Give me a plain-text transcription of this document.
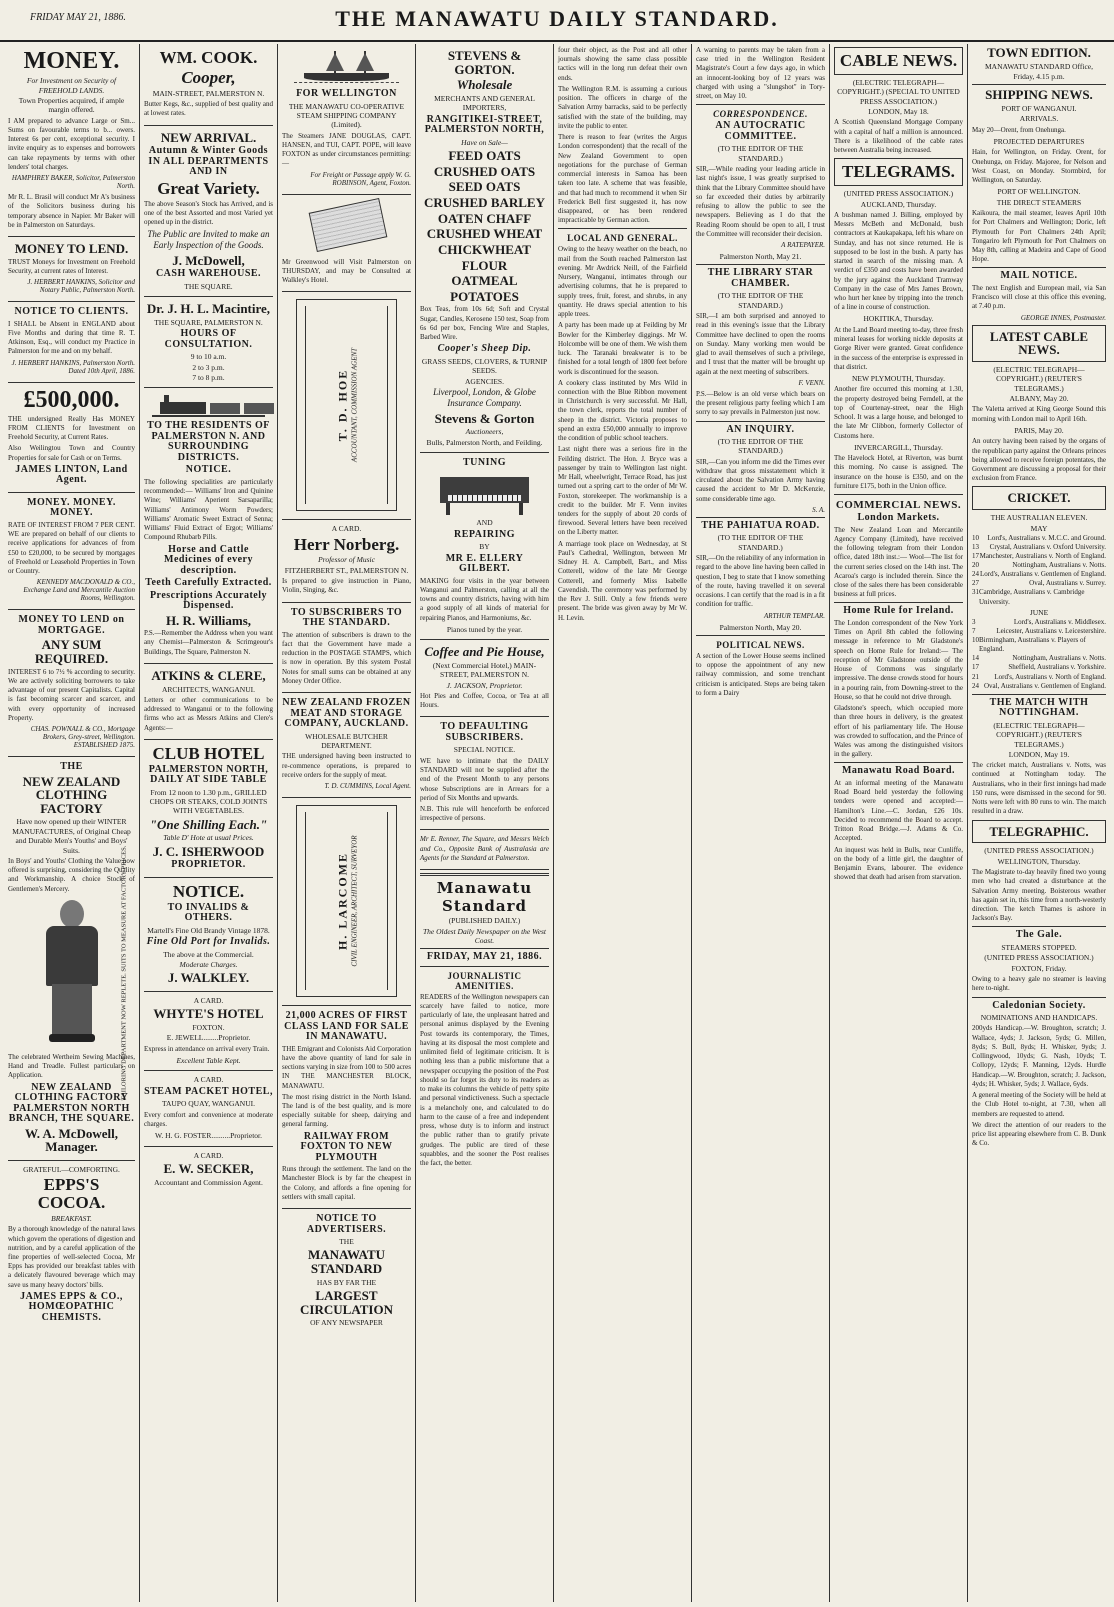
FRIDAY MAY 21, 1886.	THE MANAWATU DAILY STANDARD.
MONEY.
For Investment on Security of FREEHOLD LANDS.
Town Properties acquired, if ample margin offered.
I AM prepared to advance Large or Sm... Sums on favourable terms to b... owers. Interest 6s per cent, exceptional security. I invite enquiry as to expenses and borrowers can take repayments by terms with other lenders' total charges.
HAMPHREY BAKER, Solicitor, Palmerston North.
Mr R. L. Brasil will conduct Mr A's business of the Solicitors business during his temporary absence in Napier. Mr Baker will be in Palmerston on Saturdays.
MONEY TO LEND.
TRUST Moneys for Investment on Freehold Security, at current rates of Interest.
J. HERBERT HANKINS, Solicitor and Notary Public, Palmerston North.
NOTICE TO CLIENTS.
I SHALL be Absent in ENGLAND about Five Months and during that time R. T. Atkinson, Esq., will conduct my Practice in Palmerston for me and on my behalf.
J. HERBERT HANKINS, Palmerston North. Dated 10th April, 1886.
£500,000.
THE undersigned Really Has MONEY FROM CLIENTS for Investment on Freehold Security, at Current Rates.
Also Weilingtou Town and Country Properties for sale for Cash or on Terms.
JAMES LINTON, Land Agent.
MONEY. MONEY. MONEY.
RATE OF INTEREST FROM 7 PER CENT. WE are prepared on behalf of our clients to receive applications for advances of from £50 to £20,000, to be secured by mortgages of Freehold or Leasehold Properties in Town or Country.
KENNEDY MACDONALD & CO., Exchange Land and Mercantile Auction Rooms, Wellington.
MONEY TO LEND on MORTGAGE.
ANY SUM REQUIRED.
INTEREST 6 to 7½ % according to security. We are actively soliciting borrowers to take advantage of our present Capitalists. Capital is fast becoming scarcer and scarcer, and with every opportunity of increased Property.
CHAS. POWNALL & CO., Mortgage Brokers, Grey-street, Wellington. ESTABLISHED 1875.
THE
NEW ZEALAND CLOTHING FACTORY
Have now opened up their WINTER MANUFACTURES, of Original Cheap and Durable Men's Youths' and Boys' Suits.
In Boys' and Youths' Clothing the Value now offered is surprising, considering the Quality and Workmanship. A choice Stock of Gentlemen's Mercery.	TAILORING DEPARTMENT NOW REPLETE. SUITS TO MEASURE AT FACTORY PRICES.
The celebrated Wertheim Sewing Machines, Hand and Treadle. Fullest particulars on Application.
NEW ZEALAND CLOTHING FACTORY PALMERSTON NORTH BRANCH, THE SQUARE.
W. A. McDowell, Manager.
GRATEFUL—COMFORTING.
EPPS'S COCOA.
BREAKFAST.
By a thorough knowledge of the natural laws which govern the operations of digestion and nutrition, and by a careful application of the fine properties of well-selected Cocoa, Mr Epps has provided our breakfast tables with a delicately flavoured beverage which may save us many heavy doctors' bills.
JAMES EPPS & CO., HOMŒOPATHIC CHEMISTS.
WM. COOK.
Cooper,
MAIN-STREET, PALMERSTON N.
Butter Kegs, &c., supplied of best quality and at lowest rates.
NEW ARRIVAL.
Autumn & Winter Goods IN ALL DEPARTMENTS AND IN
Great Variety.
The above Season's Stock has Arrived, and is one of the best Assorted and most Varied yet opened up in the district.
The Public are Invited to make an Early Inspection of the Goods.
J. McDowell,
CASH WAREHOUSE.
THE SQUARE.
Dr. J. H. L. Macintire,
THE SQUARE, PALMERSTON N.
HOURS OF CONSULTATION.
9 to 10 a.m.
2 to 3 p.m.
7 to 8 p.m.
TO THE RESIDENTS OF PALMERSTON N. AND SURROUNDING DISTRICTS.
NOTICE.
The following specialities are particularly recommended:— Williams' Iron and Quinine Wine; Williams' Aperient Sarsaparilla; Williams' Antimony Worm Powders; Williams' Aromatic Sweet Extract of Senna; Williams' Fluid Extract of Ergot; Williams' Compound Rhubarb Pills.
Horse and Cattle Medicines of every description.
Teeth Carefully Extracted.
Prescriptions Accurately Dispensed.
H. R. Williams,
P.S.—Remember the Address when you want any Chemist—Palmerston & Scrimgeour's Buildings, The Square, Palmerston N.
ATKINS & CLERE,
ARCHITECTS, WANGANUI.
Letters or other communications to be addressed to Wanganui or to the following firms who act as Messrs Atkins and Clere's Agents:—
CLUB HOTEL
PALMERSTON NORTH, DAILY AT SIDE TABLE
From 12 noon to 1.30 p.m., GRILLED CHOPS OR STEAKS, COLD JOINTS WITH VEGETABLES.
"One Shilling Each."
Table D' Hote at usual Prices.
J. C. ISHERWOOD
PROPRIETOR.
NOTICE.
TO INVALIDS & OTHERS.
Martell's Fine Old Brandy Vintage 1878.
Fine Old Port for Invalids.
The above at the Commercial.
Moderate Charges.
J. WALKLEY.
A CARD.
WHYTE'S HOTEL
FOXTON.
E. JEWELL........Proprietor.
Express in attendance on arrival every Train.
Excellent Table Kept.
A CARD.
STEAM PACKET HOTEL,
TAUPO QUAY, WANGANUI.
Every comfort and convenience at moderate charges.
W. H. G. FOSTER..........Proprietor.
A CARD.
E. W. SECKER,
Accountant and Commission Agent.
FOR WELLINGTON
THE MANAWATU CO-OPERATIVE STEAM SHIPPING COMPANY (Limited).
The Steamers JANE DOUGLAS, CAPT. HANSEN, and TUI, CAPT. POPE, will leave FOXTON as under circumstances permitting:—
For Freight or Passage apply W. G. ROBINSON, Agent, Foxton.
Mr Greenwood will Visit Palmerston on THURSDAY, and may be Consulted at Walkley's Hotel.
T. D. HOE ACCOUNTANT, COMMISSION AGENT
A CARD.
Herr Norberg.
Professor of Music
FITZHERBERT ST., PALMERSTON N.
Is prepared to give instruction in Piano, Violin, Singing, &c.
TO SUBSCRIBERS TO THE STANDARD.
The attention of subscribers is drawn to the fact that the Government have made a reduction in the POSTAGE STAMPS, which is now in operation. By this system Postal Notes for small sums can be obtained at any Money Order Office.
NEW ZEALAND FROZEN MEAT AND STORAGE COMPANY, AUCKLAND.
WHOLESALE BUTCHER DEPARTMENT.
THE undersigned having been instructed to re-commence operations, is prepared to receive orders for the supply of meat.
T. D. CUMMINS, Local Agent.
H. LARCOME CIVIL ENGINEER, ARCHITECT, SURVEYOR
21,000 ACRES OF FIRST CLASS LAND FOR SALE IN MANAWATU.
THE Emigrant and Colonists Aid Corporation have the above quantity of land for sale in sections varying in size from 100 to 500 acres IN THE MANCHESTER BLOCK, MANAWATU.
The most rising district in the North Island. The land is of the best quality, and is more especially suitable for sheep, dairying and general farming.
RAILWAY FROM FOXTON TO NEW PLYMOUTH
Runs through the settlement. The land on the Manchester Block is by far the cheapest in the Colony, and affords a fine opening for settlers with small capital.
NOTICE TO ADVERTISERS.
THE
MANAWATU STANDARD
HAS BY FAR THE
LARGEST CIRCULATION
OF ANY NEWSPAPER
STEVENS & GORTON.
Wholesale
MERCHANTS AND GENERAL IMPORTERS,
RANGITIKEI-STREET, PALMERSTON NORTH,
Have on Sale—
FEED OATS
CRUSHED OATS
SEED OATS
CRUSHED BARLEY
OATEN CHAFF
CRUSHED WHEAT
CHICKWHEAT
FLOUR
OATMEAL
POTATOES
Box Teas, from 10s 6d; Soft and Crystal Sugar, Candles, Kerosene 150 test, Soap from 6s 6d per box, Fencing Wire and Staples, Barbed Wire.
Cooper's Sheep Dip.
GRASS SEEDS, CLOVERS, & TURNIP SEEDS.
AGENCIES.
Liverpool, London, & Globe Insurance Company.
Stevens & Gorton
Auctioneers,
Bulls, Palmerston North, and Feilding.
TUNING
AND
REPAIRING
BY
MR E. ELLERY GILBERT.
MAKING four visits in the year between Wanganui and Palmerston, calling at all the towns and country districts, having with him a good supply of all kinds of material for repairing Pianos, and Harmoniums, &c.
Pianos tuned by the year.
Coffee and Pie House,
(Next Commercial Hotel,) MAIN-STREET, PALMERSTON N.
J. JACKSON, Proprietor.
Hot Pies and Coffee, Cocoa, or Tea at all Hours.
TO DEFAULTING SUBSCRIBERS.
SPECIAL NOTICE.
WE have to intimate that the DAILY STANDARD will not be supplied after the end of the Present Month to any persons whose Subscriptions are in Arrears for a period of Six Months and upwards.
N.B. This rule will henceforth be enforced irrespective of persons.
Mr E. Renner, The Square, and Messrs Welch and Co., Opposite Bank of Australasia are Agents for the Standard at Palmerston.
Manawatu Standard
(PUBLISHED DAILY.)
The Oldest Daily Newspaper on the West Coast.
FRIDAY, MAY 21, 1886.
JOURNALISTIC AMENITIES.
READERS of the Wellington newspapers can scarcely have failed to notice, more particularly of late, the unpleasant hatred and personal animus displayed by the Evening Post towards its contemporary, the Times, having at its disposal the most complete and unlimited field of legitimate criticism. It is nothing less than a public misfortune that a newspaper occupying the position of the Post should so far forget its duty to its readers as to make its columns the vehicle of petty spite and personal vindictiveness. Such a spectacle is a melancholy one, and calculated to do harm to the cause of a free and independent press, whose duty is to inform and instruct the public rather than to gratify private grudges. The public are tired of these squabbles, and the sooner the Post realises the fact, the better.
four their object, as the Post and all other journals showing the same class possible tactics will in the long run defeat their own ends.
The Wellington R.M. is assuming a curious position. The officers in charge of the Salvation Army barracks, said to be perfectly satisfied with the state of the building, may invite the public to enter.
There is reason to fear (writes the Argus London correspondent) that the recall of the New Zealand Government to open negotiations for the purchase of German commercial interests in Samoa has been taken too late. A scheme that was feasible, and that had much to recommend it when Sir Frederick Bell first suggested it, has now disappeared, or has been rendered impracticable by German action.
LOCAL AND GENERAL.
Owing to the heavy weather on the beach, no mail from the South reached Palmerston last evening. Mr Awdrick Neill, of the Fairfield Nursery, Wanganui, intimates through our advertising columns, that he is prepared to supply trees, fruit, forest, and shrubs, in any quantity. He draws special attention to his apple trees.
A party has been made up at Feilding by Mr Bowler for the Kimberley diggings. Mr W. Holcombe will be one of them. We wish them luck. The Taranaki breakwater is to be finished for a total length of 1800 feet before work is discontinued for the season.
A cookery class instituted by Mrs Wild in connection with the Blue Ribbon movement in Christchurch is very successful. Mr Hall, the town clerk, reports the total number of sheep in the district. Victoria proposes to spend an extra £50,000 annually to improve the condition of public school teachers.
Last night there was a serious fire in the Feilding district. The Hon. J. Bryce was a passenger by train to Wellington last night. Mr Hall, wheelwright, Terrace Road, has just turned out a spring cart to the order of Mr W. Foxton, storekeeper. The workmanship is a credit to the builder. Mr F. Venn invites tenders for the supply of about 20 cords of firewood. Several letters have been received on the Liberty matter.
A marriage took place on Wednesday, at St Paul's Cathedral, Wellington, between Mr Sidney H. A. Campbell, Bart., and Miss Cotterell, widow of the late Mr George Cotterell, and formerly Miss Isabelle Cavendish. The ceremony was performed by the Rev J. Still. Only a few friends were present. The bride was given away by Mr W. H. Levin.
A warning to parents may be taken from a case tried in the Wellington Resident Magistrate's Court a few days ago, in which an innocent-looking boy of 12 years was charged with using a "slungshot" in Tory-street, on May 10.
CORRESPONDENCE.
AN AUTOCRATIC COMMITTEE.
(TO THE EDITOR OF THE STANDARD.)
SIR,—While reading your leading article in last night's issue, I was greatly surprised to think that the Library Committee should have so far exceeded their duties by arbitrarily refusing to allow the public to see the newspapers. Believing as I do that the Reading Room should be open to all, I trust the Committee will reconsider their decision.
A RATEPAYER.
Palmerston North, May 21.
THE LIBRARY STAR CHAMBER.
(TO THE EDITOR OF THE STANDARD.)
SIR,—I am both surprised and annoyed to read in this evening's issue that the Library Committee have declined to open the rooms on Sunday. Many working men would be glad to avail themselves of such a privilege, and I trust that the matter will be brought up again at the next meeting of subscribers.
F. VENN.
P.S.—Below is an old verse which bears on the present religious party feeling which I am sorry to say prevails in Palmerston just now.
AN INQUIRY.
(TO THE EDITOR OF THE STANDARD.)
SIR,—Can you inform me did the Times ever withdraw that gross misstatement which it circulated about the Salvation Army having caused the accident to Mr D. McKenzie, some considerable time ago.
S. A.
THE PAHIATUA ROAD.
(TO THE EDITOR OF THE STANDARD.)
SIR,—On the reliability of any information in regard to the above line having been called in question, I beg to state that I know something of the route, having travelled it on several occasions. I can certify that the road is in a fit condition for traffic.
ARTHUR TEMPLAR.
Palmerston North, May 20.
POLITICAL NEWS.
A section of the Lower House seems inclined to oppose the appointment of any new railway commission, and some trenchant criticism is anticipated. Steps are being taken to form a Dairy
CABLE NEWS.
(ELECTRIC TELEGRAPH—COPYRIGHT.) (SPECIAL TO UNITED PRESS ASSOCIATION.)
LONDON, May 18.
A Scottish Queensland Mortgage Company with a capital of half a million is announced. There is a likelihood of the cable rates between Australia being increased.
TELEGRAMS.
(UNITED PRESS ASSOCIATION.)
AUCKLAND, Thursday.
A bushman named J. Billing, employed by Messrs McBeth and McDonald, bush contractors at Kaukapakapa, left his whare on Sunday, and has not since returned. He is supposed to be lost in the bush. A party has started in search of the missing man. A verdict of £350 and costs have been awarded by the jury against the Auckland Tramway Company in the case of Mrs James Brown, who hurt her knee by tripping into the trench of a line in course of construction.
HOKITIKA, Thursday.
At the Land Board meeting to-day, three fresh mineral leases for working nickle deposits at Gorge River were granted. Great confidence in the success of the enterprise is expressed in that district.
NEW PLYMOUTH, Thursday.
Another fire occurred this morning at 1.30, the property destroyed being Ferndell, at the top of Courtenay-street, near the High School. It was a large house, and belonged to the late Mr Clibbon, formerly Collector of Customs here.
INVERCARGILL, Thursday.
The Havelock Hotel, at Riverton, was burnt this morning. No cause is assigned. The insurance on the house is £350, and on the furniture £175, both in the Union office.
COMMERCIAL NEWS.
London Markets.
The New Zealand Loan and Mercantile Agency Company (Limited), have received the following telegram from their London office, dated 18th inst.:— Wool—The list for the current series closed on the 14th inst. The Acaroa's cargo is included therein. Since the close of the sales there has been considerable business at full prices.
Home Rule for Ireland.
The London correspondent of the New York Times on April 8th cabled the following message in reference to Mr Gladstone's speech on Home Rule for Ireland:— The reception of Mr Gladstone outside of the House of Commons was singularly impressive. The dense crowds stood for hours in a pouring rain, from Downing-street to the House, so that he could not drive through.
Gladstone's speech, which occupied more than three hours in delivery, is the greatest effort of his parliamentary life. The House was crowded to suffocation, and the Prince of Wales was among the distinguished visitors in the gallery.
Manawatu Road Board.
At an informal meeting of the Manawatu Road Board held yesterday the following tenders were opened and accepted:— Hamilton's Line.—C. Jordan, £26 10s. Decided to recommend the Board to accept. Tritton Road Bridge.—J. Adams & Co. Accepted.
An inquest was held in Bulls, near Cunliffe, on the body of a little girl, the daughter of Benjamin Evans, labourer. The evidence showed that death had arisen from starvation.
TOWN EDITION.
MANAWATU STANDARD Office,
Friday, 4.15 p.m.
SHIPPING NEWS.
PORT OF WANGANUI.
ARRIVALS.
May 20—Orent, from Onehunga.
PROJECTED DEPARTURES
Hain, for Wellington, on Friday. Orent, for Onehunga, on Friday. Majoree, for Nelson and West Coast, on Monday. Stormbird, for Wellington, on Saturday.
PORT OF WELLINGTON.
THE DIRECT STEAMERS
Kaikoura, the mail steamer, leaves April 10th for Port Chalmers and Wellington; Doric, left Plymouth for Port Chalmers 24th April; Tongariro left Plymouth for Port Chalmers on May 8th, calling at Madeira and Cape of Good Hope.
MAIL NOTICE.
The next English and European mail, via San Francisco will close at this office this evening, at 7.40 p.m.
GEORGE INNES, Postmaster.
LATEST CABLE NEWS.
(ELECTRIC TELEGRAPH—COPYRIGHT.) (REUTER'S TELEGRAMS.)
ALBANY, May 20.
The Valetta arrived at King George Sound this morning with London mail to April 16th.
PARIS, May 20.
An outcry having been raised by the organs of the republican party against the Orleans princes being allowed to receive foreign potentates, the Government are discussing a proposal for their exclusion from France.
CRICKET.
THE AUSTRALIAN ELEVEN.
MAY
10 Lord's, Australians v. M.C.C. and Ground.
13 Crystal, Australians v. Oxford University.
17 Manchester, Australians v. North of England.
20	Nottingham, Australians v. Notts.
24 Lord's, Australians v. Gentlemen of England.
27	Oval, Australians v. Surrey.
31 Cambridge, Australians v. Cambridge University.
JUNE
3	Lord's, Australians v. Middlesex.
7	Leicester, Australians v. Leicestershire.
10 Birmingham, Australians v. Players of England.
14	Nottingham, Australians v. Notts.
17	Sheffield, Australians v. Yorkshire.
21 Lord's, Australians v. North of England.
24 Oval, Australians v. Gentlemen of England.
THE MATCH WITH NOTTINGHAM.
(ELECTRIC TELEGRAPH—COPYRIGHT.) (REUTER'S TELEGRAMS.)
LONDON, May 19.
The cricket match, Australians v. Notts, was continued at Nottingham today. The Australians, who in their first innings had made 150 runs, were dismissed in the second for 90. Notts were left with 80 runs to win. The match resulted in a draw.
TELEGRAPHIC.
(UNITED PRESS ASSOCIATION.)
WELLINGTON, Thursday.
The Magistrate to-day heavily fined two young men who had created a disturbance at the Salvation Army meeting. Boisterous weather has again set in, this time from a north-westerly direction. The ketch Thames is ashore in Jackson's Bay.
The Gale.
STEAMERS STOPPED.
(UNITED PRESS ASSOCIATION.)
FOXTON, Friday.
Owing to a heavy gale no steamer is leaving here to-night.
Caledonian Society.
NOMINATIONS AND HANDICAPS.
200yds Handicap.—W. Broughton, scratch; J. Wallace, 4yds; J. Jackson, 5yds; G. Millen, 8yds; S. Bull, 8yds; H. Whisker, 9yds; J. Collingwood, 10yds; G. Nash, 10yds; T. Collopy, 12yds; F. Manning, 12yds. Hurdle Handicap.—W. Broughton, scratch; J. Jackson, 4yds; H. Whisker, 5yds; J. Wallace, 6yds.
A general meeting of the Society will be held at the Club Hotel to-night, at 7.30, when all members are requested to attend.
We direct the attention of our readers to the price list appearing elsewhere from C. B. Dunk & Co.
